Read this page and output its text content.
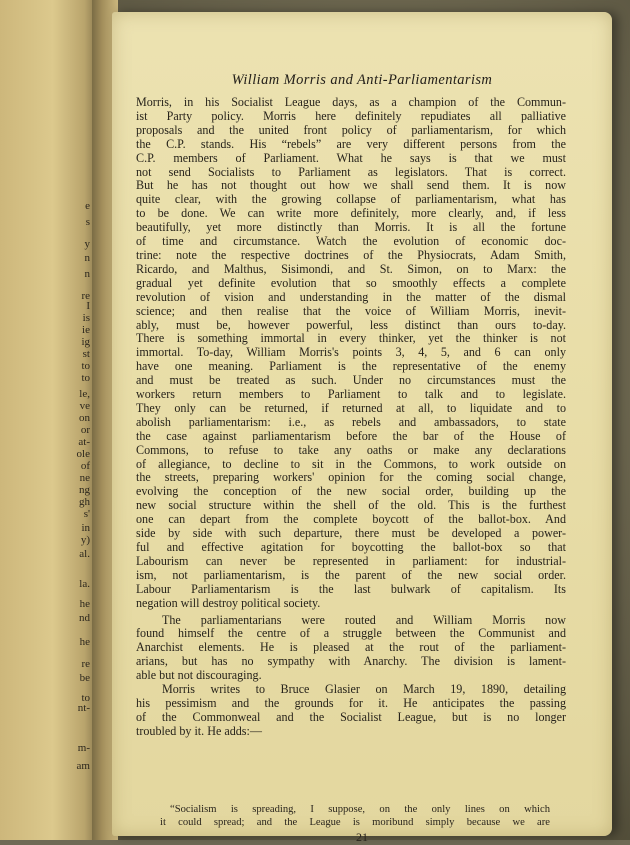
e
s
y
n
n
re
I
is
ie
ig
st
to
to
le,
ve
on
or
at-
ole
of
ne
ng
gh
s'
in
y)
al.
la.
he
nd
he
re
be
to
nt-
m-
am
William Morris and Anti-Parliamentarism

Morris, in his Socialist League days, as a champion of the Commun-
ist Party policy. Morris here definitely repudiates all palliative
proposals and the united front policy of parliamentarism, for which
the C.P. stands. His “rebels” are very different persons from the
C.P. members of Parliament. What he says is that we must
not send Socialists to Parliament as legislators. That is correct.
But he has not thought out how we shall send them. It is now
quite clear, with the growing collapse of parliamentarism, what has
to be done. We can write more definitely, more clearly, and, if less
beautifully, yet more distinctly than Morris. It is all the fortune
of time and circumstance. Watch the evolution of economic doc-
trine: note the respective doctrines of the Physiocrats, Adam Smith,
Ricardo, and Malthus, Sisimondi, and St. Simon, on to Marx: the
gradual yet definite evolution that so smoothly effects a complete
revolution of vision and understanding in the matter of the dismal
science; and then realise that the voice of William Morris, inevit-
ably, must be, however powerful, less distinct than ours to-day.
There is something immortal in every thinker, yet the thinker is not
immortal. To-day, William Morris's points 3, 4, 5, and 6 can only
have one meaning. Parliament is the representative of the enemy
and must be treated as such. Under no circumstances must the
workers return members to Parliament to talk and to legislate.
They only can be returned, if returned at all, to liquidate and to
abolish parliamentarism: i.e., as rebels and ambassadors, to state
the case against parliamentarism before the bar of the House of
Commons, to refuse to take any oaths or make any declarations
of allegiance, to decline to sit in the Commons, to work outside on
the streets, preparing workers' opinion for the coming social change,
evolving the conception of the new social order, building up the
new social structure within the shell of the old. This is the furthest
one can depart from the complete boycott of the ballot-box. And
side by side with such departure, there must be developed a power-
ful and effective agitation for boycotting the ballot-box so that
Labourism can never be represented in parliament: for industrial-
ism, not parliamentarism, is the parent of the new social order.
Labour Parliamentarism is the last bulwark of capitalism. Its
negation will destroy political society.

The parliamentarians were routed and William Morris now
found himself the centre of a struggle between the Communist and
Anarchist elements. He is pleased at the rout of the parliament-
arians, but has no sympathy with Anarchy. The division is lament-
able but not discouraging.

Morris writes to Bruce Glasier on March 19, 1890, detailing
his pessimism and the grounds for it. He anticipates the passing
of the Commonweal and the Socialist League, but is no longer
troubled by it. He adds:—

“Socialism is spreading, I suppose, on the only lines on which
it could spread; and the League is moribund simply because we are
21
